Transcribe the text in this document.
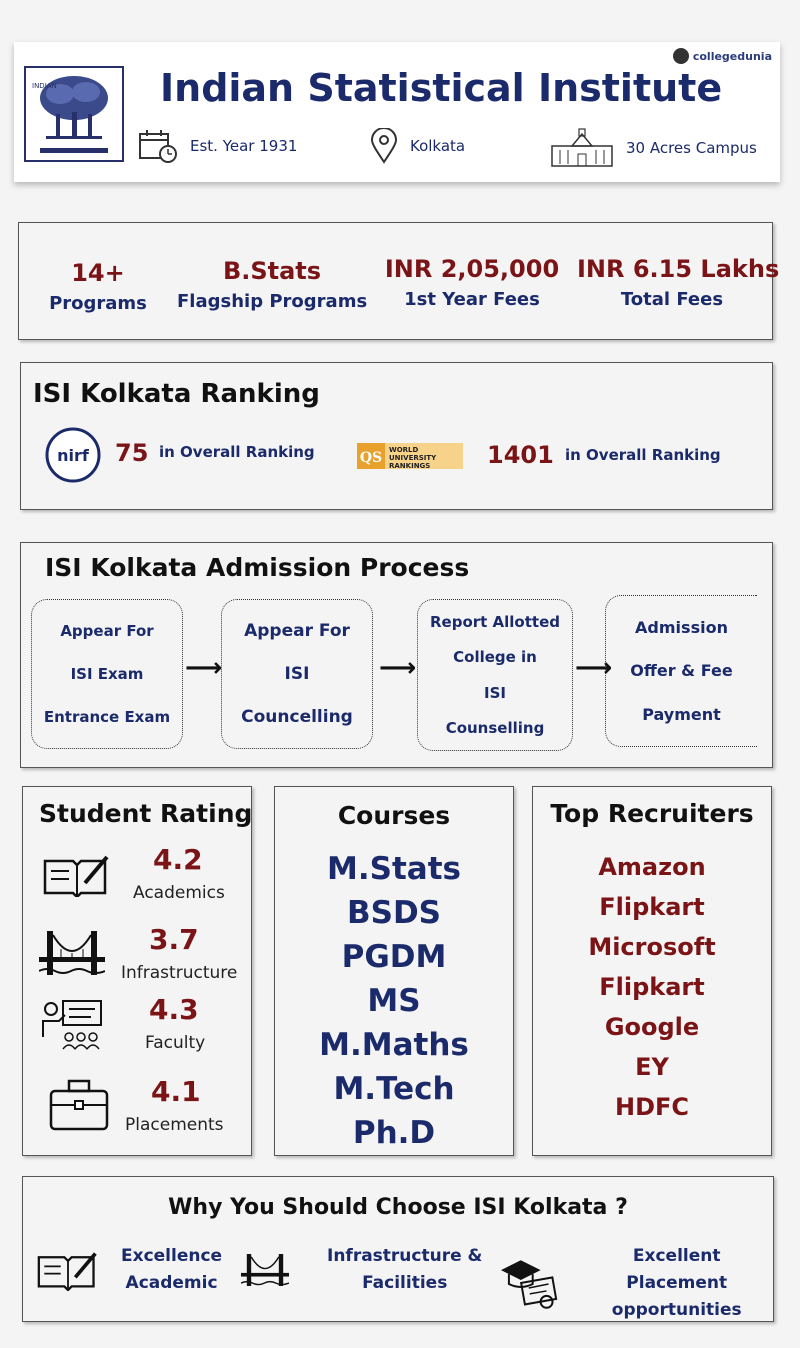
INDIAN
collegedunia
Indian Statistical Institute
Est. Year 1931	Kolkata	30 Acres Campus
14+
Programs
B.Stats
Flagship Programs
INR 2,05,000
1st Year Fees
INR 6.15 Lakhs
Total Fees
ISI Kolkata Ranking
nirf 75 in Overall Ranking	QS WORLD
UNIVERSITY
RANKINGS 1401 in Overall Ranking
ISI Kolkata Admission Process
Appear For
ISI Exam
Entrance Exam
⟶
Appear For
ISI
Councelling
⟶
Report Allotted
College in
ISI
Counselling
⟶
Admission
Offer & Fee
Payment
Student Rating
4.2
Academics
3.7
Infrastructure
4.3
Faculty
4.1
Placements
Courses
M.Stats
BSDS
PGDM
MS
M.Maths
M.Tech
Ph.D
Top Recruiters
Amazon
Flipkart
Microsoft
Flipkart
Google
EY
HDFC
Why You Should Choose ISI Kolkata ?
Excellence
Academic
Infrastructure &
Facilities
Excellent Placement
opportunities
